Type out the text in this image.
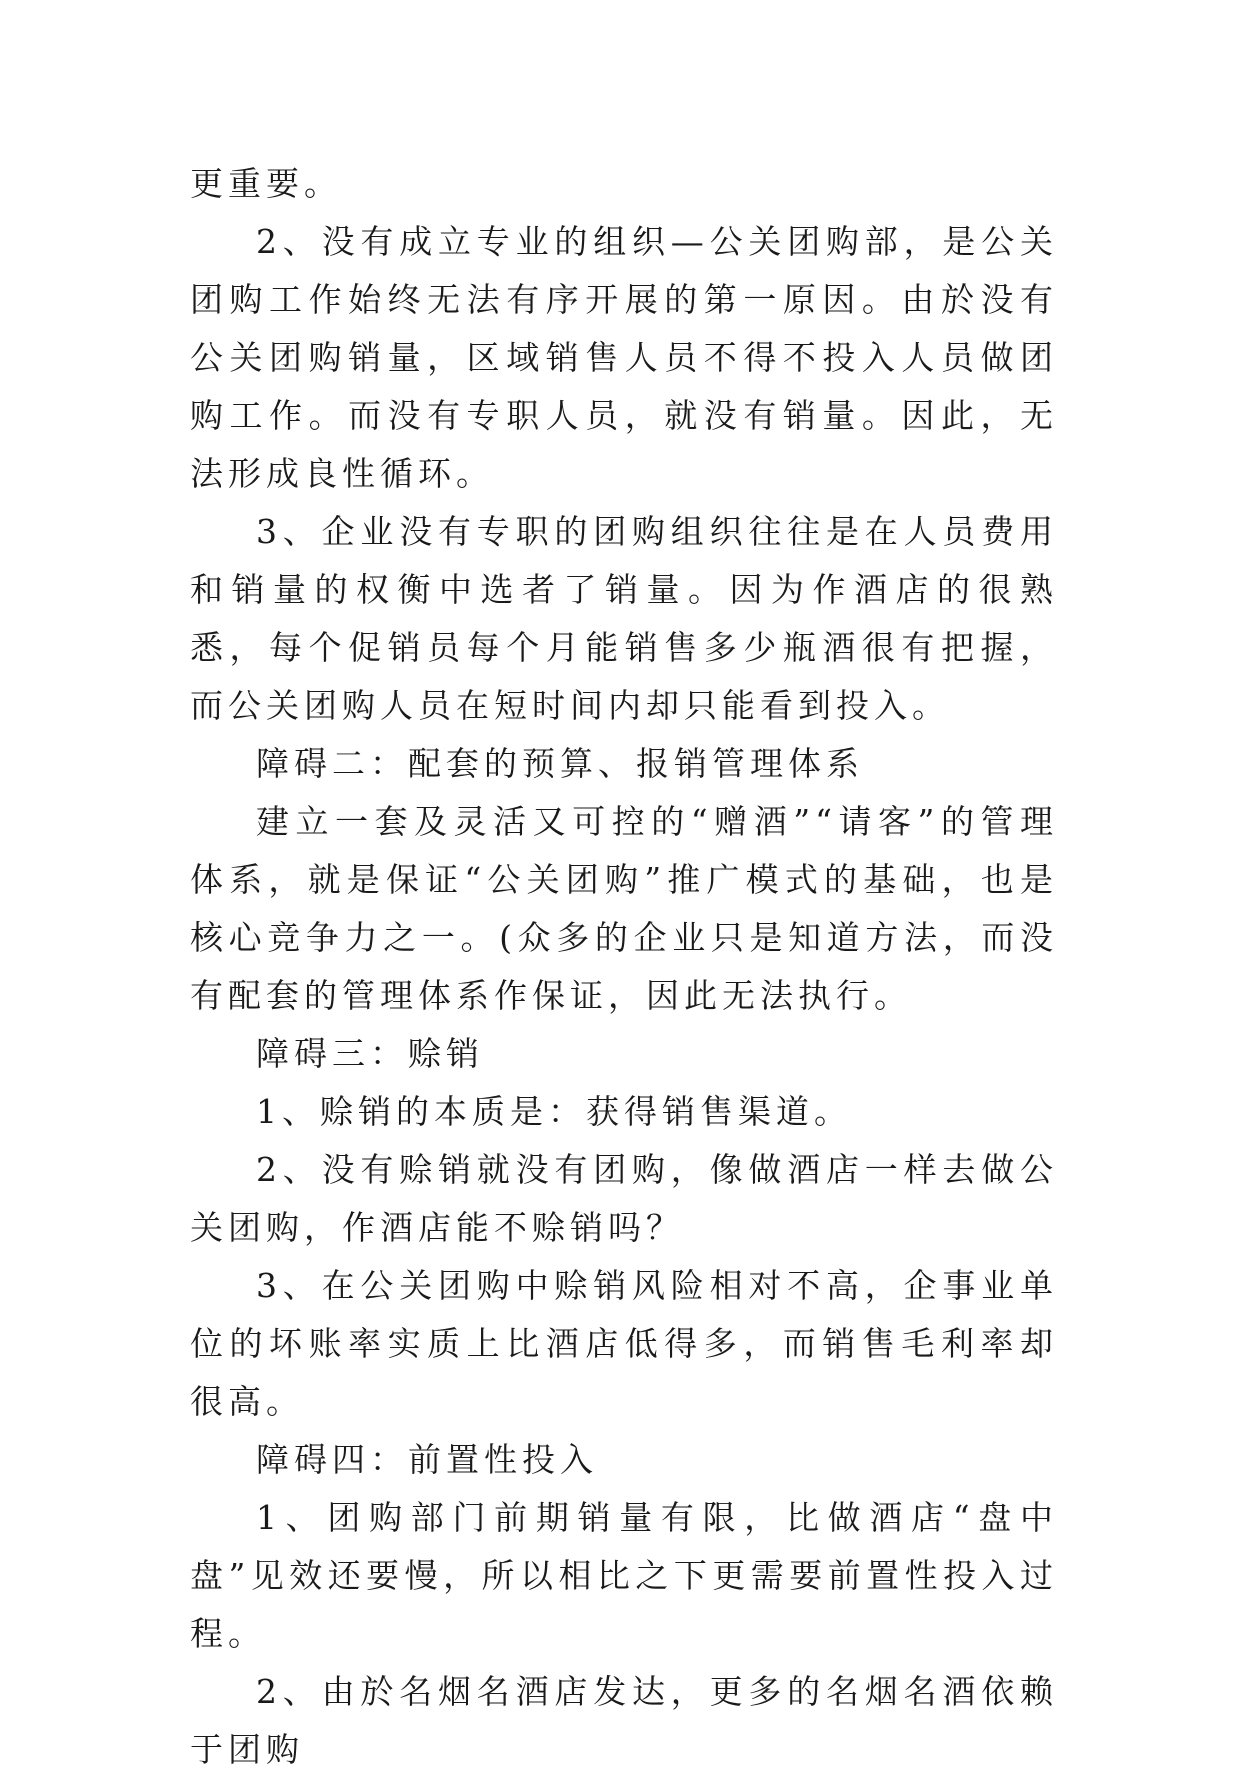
更重要。

2、没有成立专业的组织—公关团购部，是公关团购工作始终无法有序开展的第一原因。由於没有公关团购销量，区域销售人员不得不投入人员做团购工作。而没有专职人员，就没有销量。因此，无法形成良性循环。

3、企业没有专职的团购组织往往是在人员费用和销量的权衡中选者了销量。因为作酒店的很熟悉，每个促销员每个月能销售多少瓶酒很有把握，而公关团购人员在短时间内却只能看到投入。

障碍二：配套的预算、报销管理体系

建立一套及灵活又可控的“赠酒”“请客”的管理体系，就是保证“公关团购”推广模式的基础，也是核心竞争力之一。(众多的企业只是知道方法，而没有配套的管理体系作保证，因此无法执行。

障碍三：赊销

1、赊销的本质是：获得销售渠道。

2、没有赊销就没有团购，像做酒店一样去做公关团购，作酒店能不赊销吗？

3、在公关团购中赊销风险相对不高，企事业单位的坏账率实质上比酒店低得多，而销售毛利率却很高。

障碍四：前置性投入

1、团购部门前期销量有限，比做酒店“盘中盘”见效还要慢，所以相比之下更需要前置性投入过程。

2、由於名烟名酒店发达，更多的名烟名酒依赖于团购
